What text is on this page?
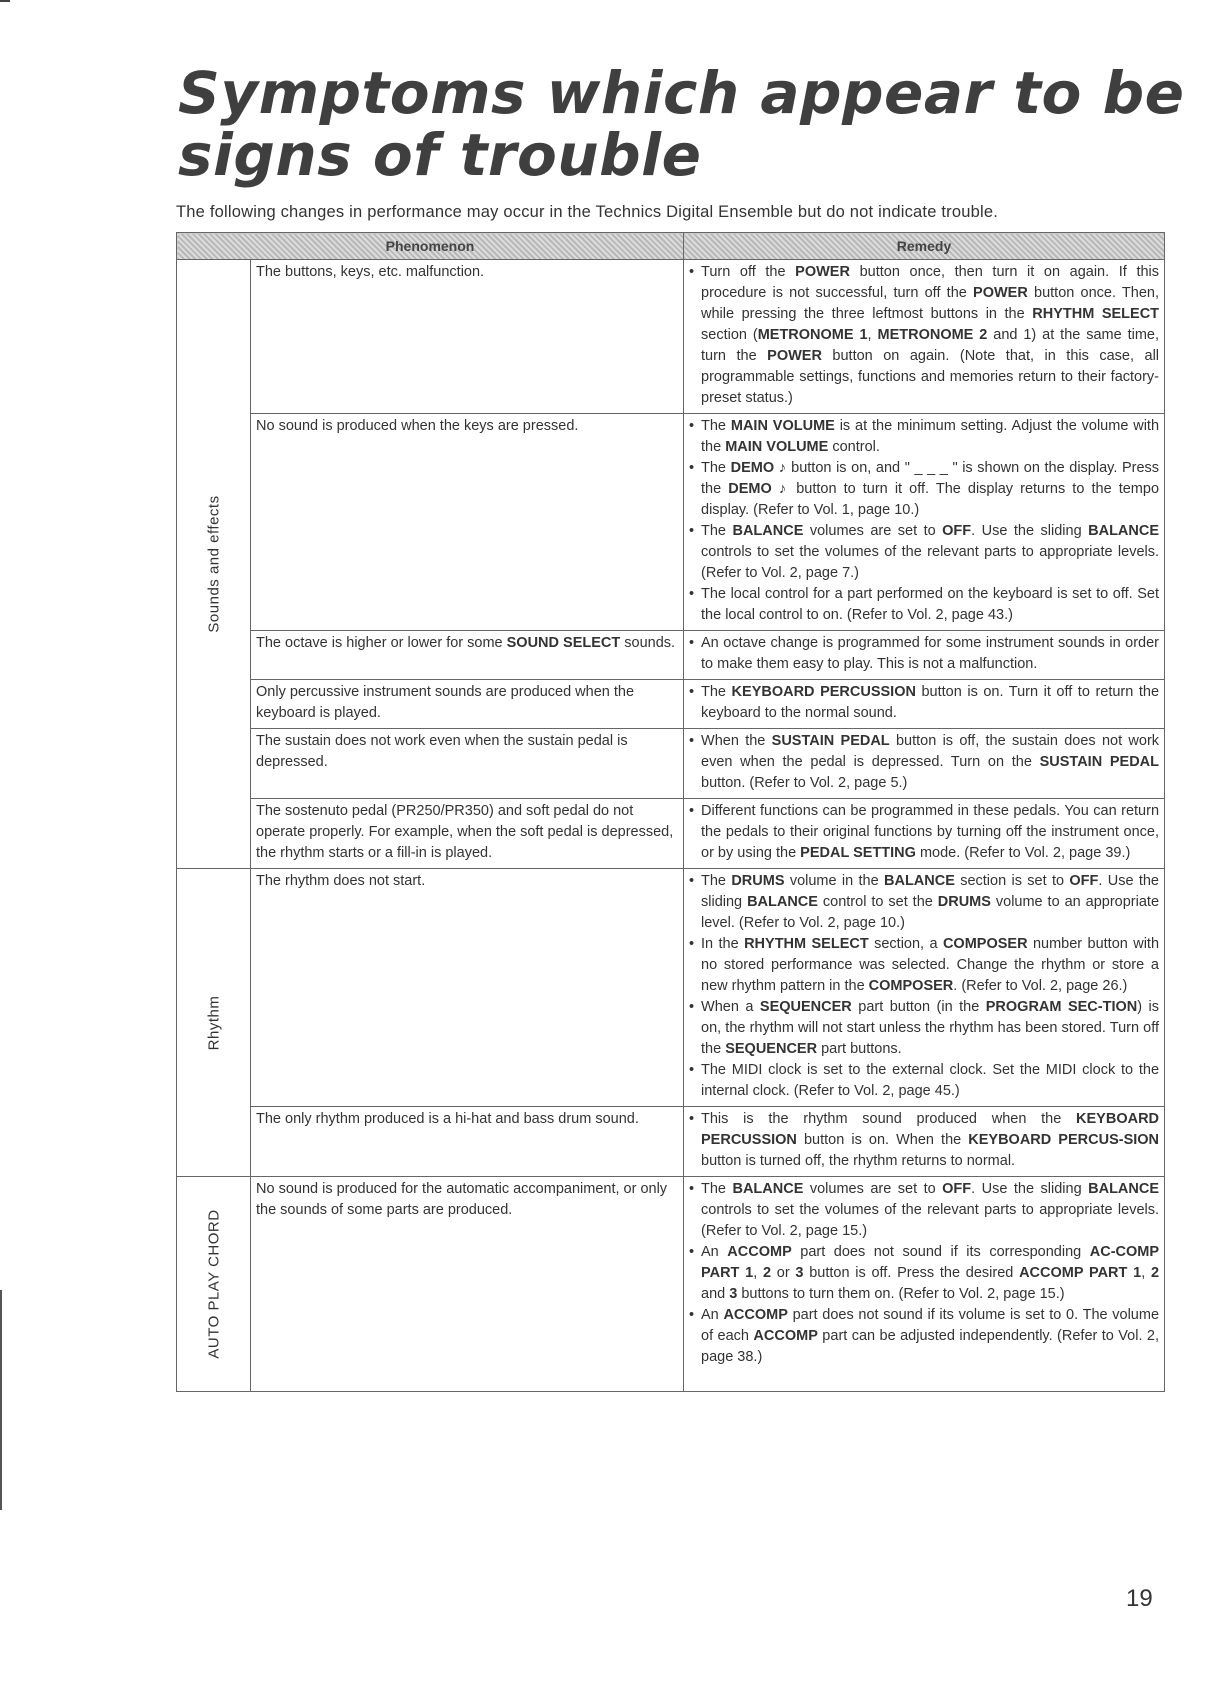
Symptoms which appear to be
signs of trouble

The following changes in performance may occur in the Technics Digital Ensemble but do not indicate trouble.

Phenomenon		Remedy

Sounds and effects	The buttons, keys, etc. malfunction.	• Turn off the POWER button once, then turn it on again. If this procedure is not successful, turn off the POWER button once. Then, while pressing the three leftmost buttons in the RHYTHM SELECT section (METRONOME 1, METRONOME 2 and 1) at the same time, turn the POWER button on again. (Note that, in this case, all programmable settings, functions and memories return to their factory-preset status.)

	No sound is produced when the keys are pressed.	• The MAIN VOLUME is at the minimum setting. Adjust the volume with the MAIN VOLUME control.

• The DEMO ♪ button is on, and " _ _ _ " is shown on the display. Press the DEMO ♪ button to turn it off. The display returns to the tempo display. (Refer to Vol. 1, page 10.)

• The BALANCE volumes are set to OFF. Use the sliding BALANCE controls to set the volumes of the relevant parts to appropriate levels. (Refer to Vol. 2, page 7.)

• The local control for a part performed on the keyboard is set to off. Set the local control to on. (Refer to Vol. 2, page 43.)

	The octave is higher or lower for some SOUND SELECT sounds.	• An octave change is programmed for some instrument sounds in order to make them easy to play. This is not a malfunction.

	Only percussive instrument sounds are produced when the keyboard is played.	• The KEYBOARD PERCUSSION button is on. Turn it off to return the keyboard to the normal sound.

	The sustain does not work even when the sustain pedal is depressed.	• When the SUSTAIN PEDAL button is off, the sustain does not work even when the pedal is depressed. Turn on the SUSTAIN PEDAL button. (Refer to Vol. 2, page 5.)

	The sostenuto pedal (PR250/PR350) and soft pedal do not operate properly. For example, when the soft pedal is depressed, the rhythm starts or a fill-in is played.	• Different functions can be programmed in these pedals. You can return the pedals to their original functions by turning off the instrument once, or by using the PEDAL SETTING mode. (Refer to Vol. 2, page 39.)

Rhythm	The rhythm does not start.	• The DRUMS volume in the BALANCE section is set to OFF. Use the sliding BALANCE control to set the DRUMS volume to an appropriate level. (Refer to Vol. 2, page 10.)

• In the RHYTHM SELECT section, a COMPOSER number button with no stored performance was selected. Change the rhythm or store a new rhythm pattern in the COMPOSER. (Refer to Vol. 2, page 26.)

• When a SEQUENCER part button (in the PROGRAM SEC-TION) is on, the rhythm will not start unless the rhythm has been stored. Turn off the SEQUENCER part buttons.

• The MIDI clock is set to the external clock. Set the MIDI clock to the internal clock. (Refer to Vol. 2, page 45.)

	The only rhythm produced is a hi-hat and bass drum sound.	• This is the rhythm sound produced when the KEYBOARD PERCUSSION button is on. When the KEYBOARD PERCUS-SION button is turned off, the rhythm returns to normal.

AUTO PLAY CHORD	No sound is produced for the automatic accompaniment, or only the sounds of some parts are produced.	• The BALANCE volumes are set to OFF. Use the sliding BALANCE controls to set the volumes of the relevant parts to appropriate levels. (Refer to Vol. 2, page 15.)

• An ACCOMP part does not sound if its corresponding AC-COMP PART 1, 2 or 3 button is off. Press the desired ACCOMP PART 1, 2 and 3 buttons to turn them on. (Refer to Vol. 2, page 15.)

• An ACCOMP part does not sound if its volume is set to 0. The volume of each ACCOMP part can be adjusted independently. (Refer to Vol. 2, page 38.)

19
